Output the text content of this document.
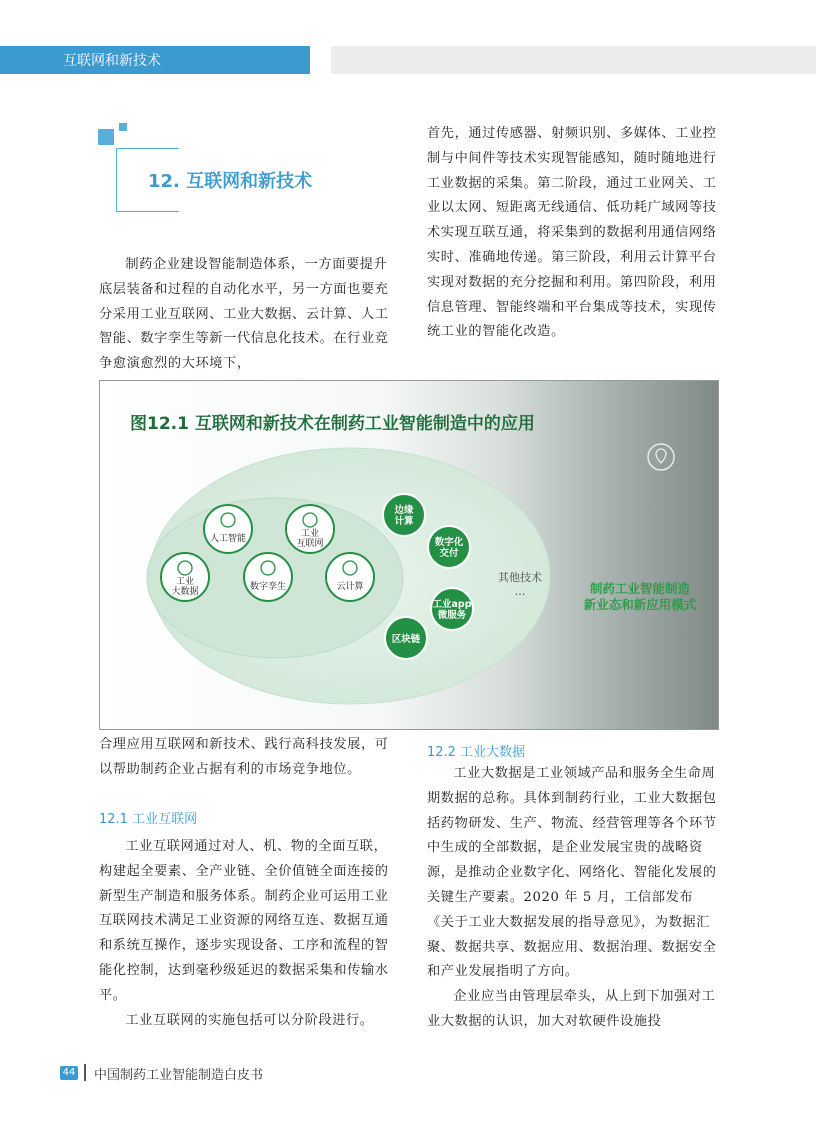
互联网和新技术
12. 互联网和新技术

制药企业建设智能制造体系，一方面要提升底层装备和过程的自动化水平，另一方面也要充分采用工业互联网、工业大数据、云计算、人工智能、数字孪生等新一代信息化技术。在行业竞争愈演愈烈的大环境下，

首先，通过传感器、射频识别、多媒体、工业控制与中间件等技术实现智能感知，随时随地进行工业数据的采集。第二阶段，通过工业网关、工业以太网、短距离无线通信、低功耗广域网等技术实现互联互通，将采集到的数据利用通信网络实时、准确地传递。第三阶段，利用云计算平台实现对数据的充分挖掘和利用。第四阶段，利用信息管理、智能终端和平台集成等技术，实现传统工业的智能化改造。

图12.1 互联网和新技术在制药工业智能制造中的应用
人工智能	工业互联网
工业大数据	数字孪生	云计算
边缘计算
数字化交付
工业app 微服务
区块链
其他技术
…	制药工业智能制造
新业态和新应用模式

合理应用互联网和新技术、践行高科技发展，可以帮助制药企业占据有利的市场竞争地位。

12.1 工业互联网

工业互联网通过对人、机、物的全面互联，构建起全要素、全产业链、全价值链全面连接的新型生产制造和服务体系。制药企业可运用工业互联网技术满足工业资源的网络互连、数据互通和系统互操作，逐步实现设备、工序和流程的智能化控制，达到毫秒级延迟的数据采集和传输水平。

工业互联网的实施包括可以分阶段进行。

12.2 工业大数据

工业大数据是工业领域产品和服务全生命周期数据的总称。具体到制药行业，工业大数据包括药物研发、生产、物流、经营管理等各个环节中生成的全部数据，是企业发展宝贵的战略资源，是推动企业数字化、网络化、智能化发展的关键生产要素。2020 年 5 月，工信部发布《关于工业大数据发展的指导意见》，为数据汇聚、数据共享、数据应用、数据治理、数据安全和产业发展指明了方向。

企业应当由管理层牵头，从上到下加强对工业大数据的认识，加大对软硬件设施投

44 中国制药工业智能制造白皮书
